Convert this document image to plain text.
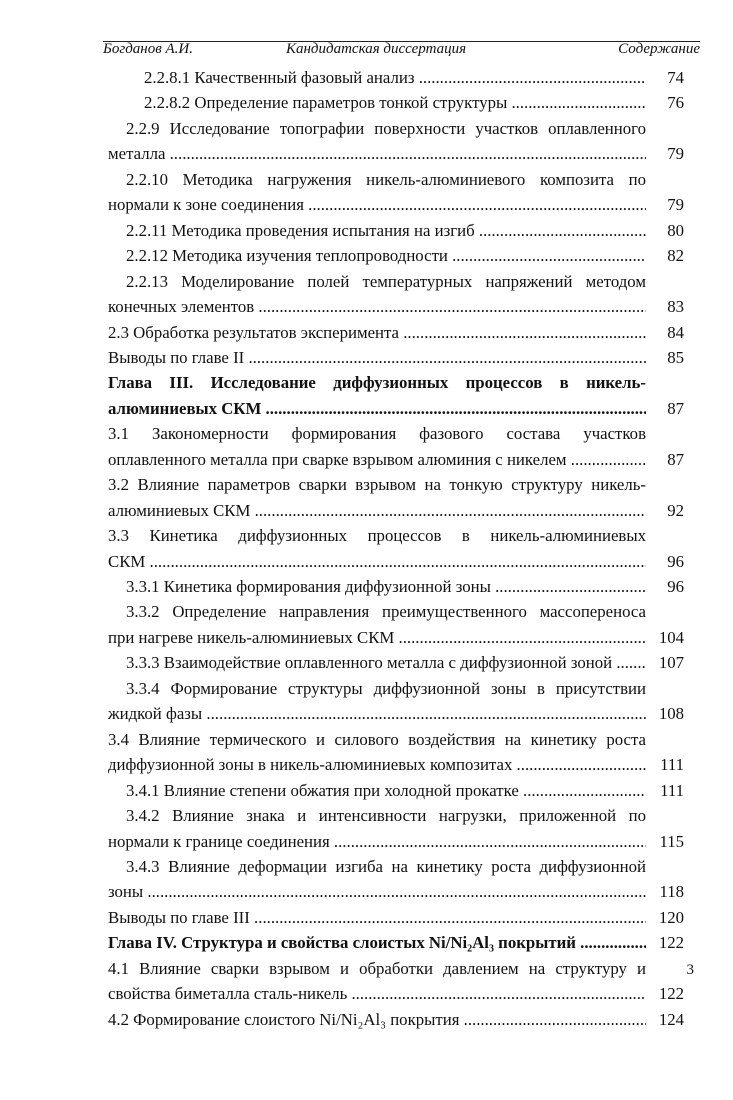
Богданов А.И.	Кандидатская диссертация	Содержание
2.2.8.1 Качественный фазовый анализ .....
2.2.8.2 Определение параметров тонкой структуры .....
2.2.9 Исследование топографии поверхности участков оплавленного
металла .....
2.2.10 Методика нагружения никель-алюминиевого композита по
нормали к зоне соединения .....
2.2.11 Методика проведения испытания на изгиб .....
2.2.12 Методика изучения теплопроводности .....
2.2.13 Моделирование полей температурных напряжений методом
конечных элементов .....
2.3 Обработка результатов эксперимента .....
Выводы по главе II .....
Глава III. Исследование диффузионных процессов в никель-
алюминиевых СКМ .....
3.1 Закономерности формирования фазового состава участков
оплавленного металла при сварке взрывом алюминия с никелем .....
3.2 Влияние параметров сварки взрывом на тонкую структуру никель-
алюминиевых СКМ .....
3.3 Кинетика диффузионных процессов в никель-алюминиевых
СКМ .....
3.3.1 Кинетика формирования диффузионной зоны .....
3.3.2 Определение направления преимущественного массопереноса
при нагреве никель-алюминиевых СКМ .....
3.3.3 Взаимодействие оплавленного металла с диффузионной зоной .....
3.3.4 Формирование структуры диффузионной зоны в присутствии
жидкой фазы .....
3.4 Влияние термического и силового воздействия на кинетику роста
диффузионной зоны в никель-алюминиевых композитах .....
3.4.1 Влияние степени обжатия при холодной прокатке .....
3.4.2 Влияние знака и интенсивности нагрузки, приложенной по
нормали к границе соединения .....
3.4.3 Влияние деформации изгиба на кинетику роста диффузионной
зоны .....
Выводы по главе III .....
Глава IV. Структура и свойства слоистых Ni/Ni₂Al₃ покрытий .....
4.1 Влияние сварки взрывом и обработки давлением на структуру и
свойства биметалла сталь-никель .....
4.2 Формирование слоистого Ni/Ni₂Al₃ покрытия .....
74
76
79
79
80
82
83
84
85
87
87
92
96
96
104
107
108
111
111
115
118
120
122
122
124
3
